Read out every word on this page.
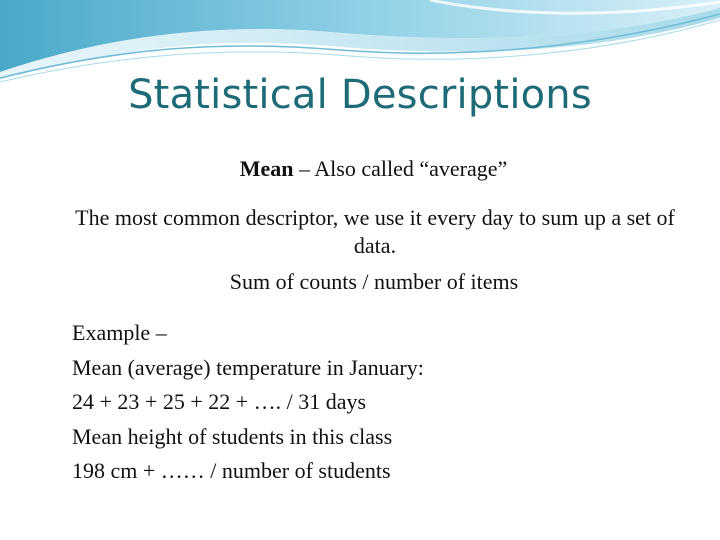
Statistical Descriptions
Mean – Also called “average”
The most common descriptor, we use it every day to sum up a set of data.
Sum of counts / number of items
Example –
Mean (average) temperature in January:
24 + 23 + 25 + 22 + …. / 31 days
Mean height of students in this class
198 cm + …… / number of students
